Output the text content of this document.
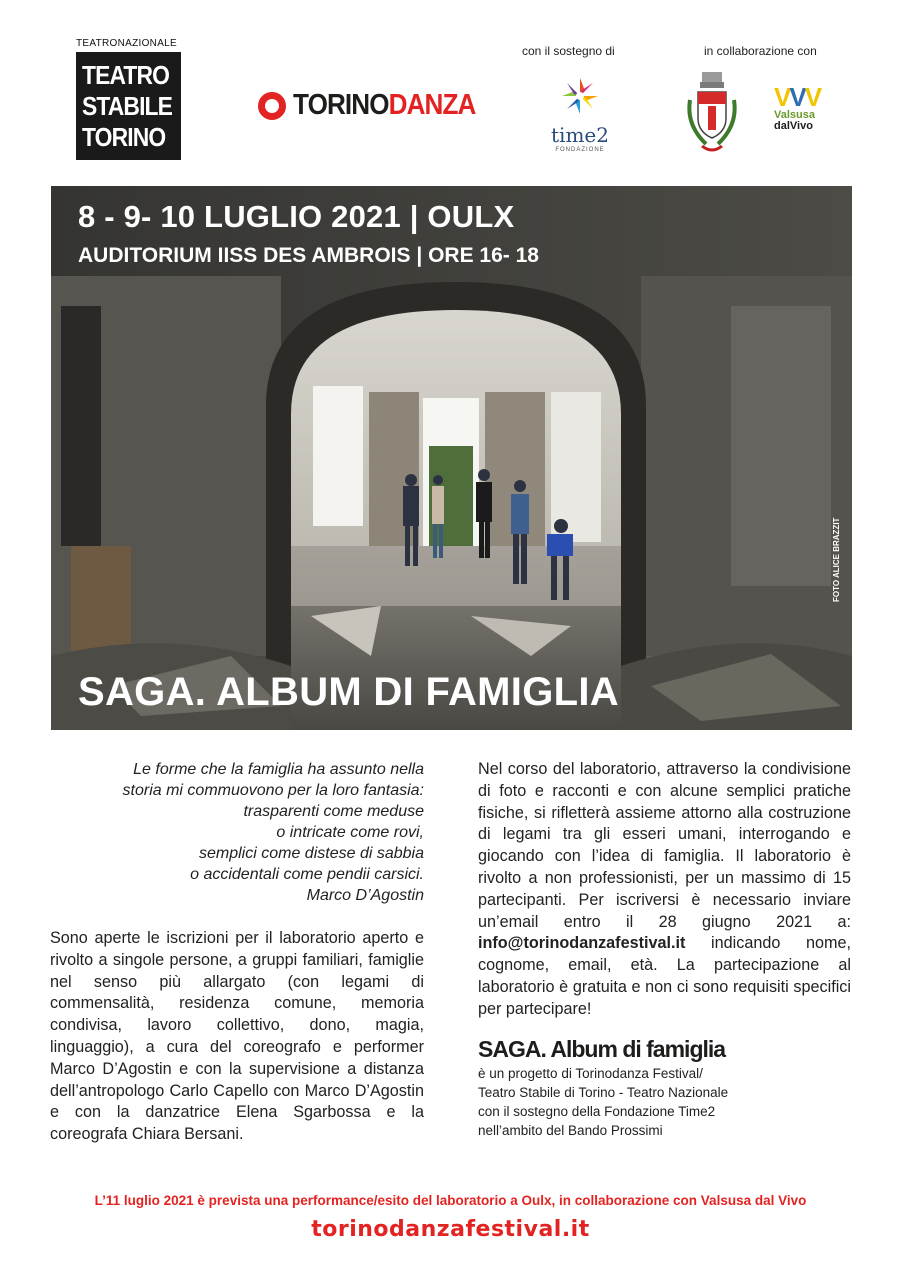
TEATRONAZIONALE
TEATRO
STABILE
TORINO
TORINODANZA
con il sostegno di	in collaborazione con
time2
FONDAZIONE
VVV
Valsusa
dalVivo
8 - 9- 10 LUGLIO 2021 | OULX
AUDITORIUM IISS DES AMBROIS | ORE 16- 18
SAGA. ALBUM DI FAMIGLIA
FOTO ALICE BRAZZIT
Le forme che la famiglia ha assunto nella
storia mi commuovono per la loro fantasia:
trasparenti come meduse
o intricate come rovi,
semplici come distese di sabbia
o accidentali come pendii carsici.
Marco D’Agostin
Sono aperte le iscrizioni per il laboratorio aperto e rivolto a singole persone, a gruppi familiari, famiglie nel senso più allargato (con legami di commensalità, residenza comune, memoria condivisa, lavoro collettivo, dono, magia, linguaggio), a cura del coreografo e performer Marco D’Agostin e con la supervisione a distanza dell’antropologo Carlo Capello con Marco D’Agostin e con la danzatrice Elena Sgarbossa e la coreografa Chiara Bersani.
Nel corso del laboratorio, attraverso la condivisione di foto e racconti e con alcune semplici pratiche fisiche, si rifletterà assieme attorno alla costruzione di legami tra gli esseri umani, interrogando e giocando con l’idea di famiglia. Il laboratorio è rivolto a non professionisti, per un massimo di 15 partecipanti. Per iscriversi è necessario inviare un’email entro il 28 giugno 2021 a: info@torinodanzafestival.it indicando nome, cognome, email, età. La partecipazione al laboratorio è gratuita e non ci sono requisiti specifici per partecipare!
SAGA. Album di famiglia
è un progetto di Torinodanza Festival/
Teatro Stabile di Torino - Teatro Nazionale
con il sostegno della Fondazione Time2
nell’ambito del Bando Prossimi
L’11 luglio 2021 è prevista una performance/esito del laboratorio a Oulx, in collaborazione con Valsusa dal Vivo
torinodanzafestival.it
